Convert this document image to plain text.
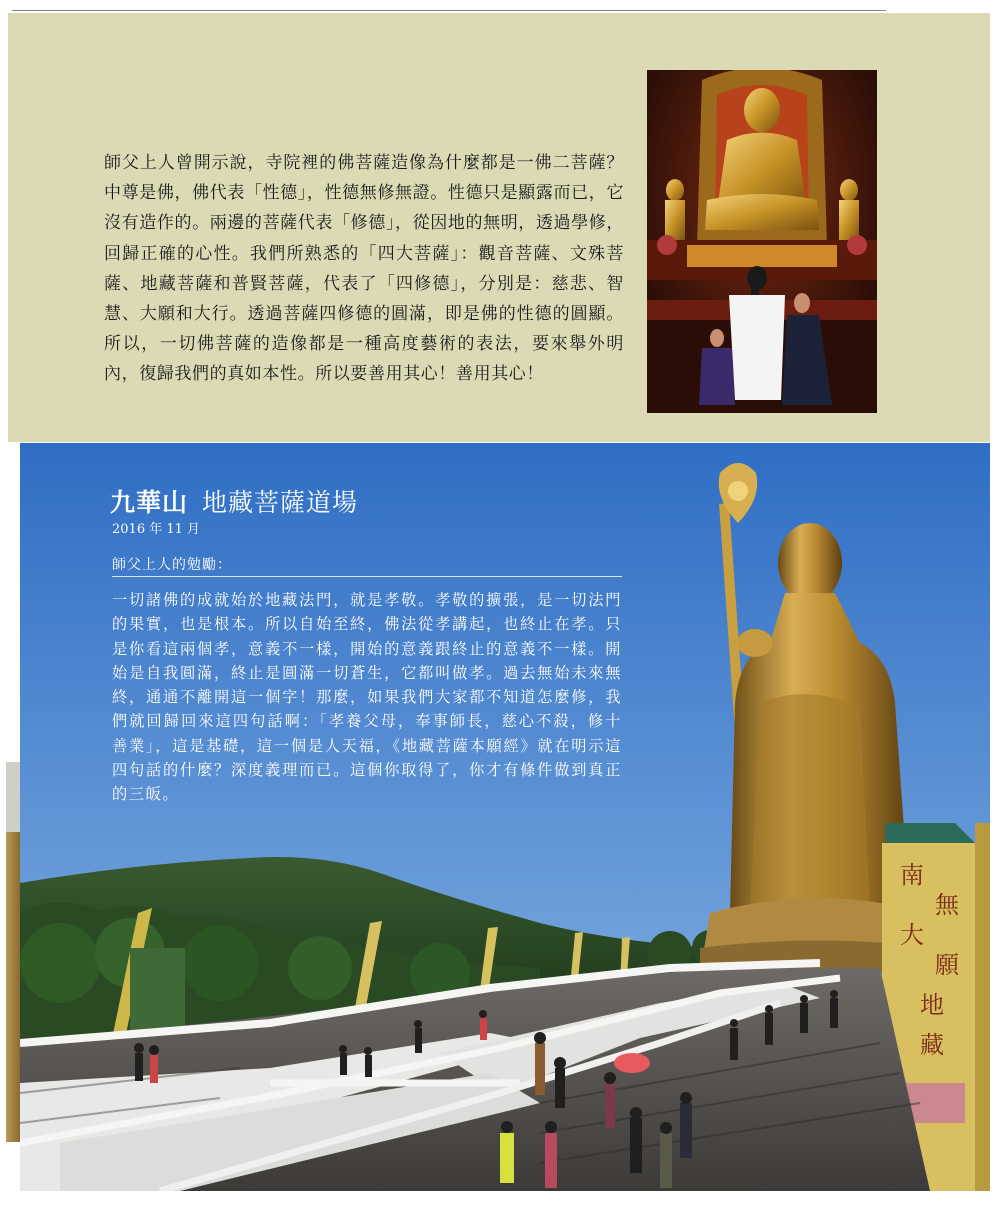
師父上人曾開示說，寺院裡的佛菩薩造像為什麼都是一佛二菩薩？中尊是佛，佛代表「性德」，性德無修無證。性德只是顯露而已，它沒有造作的。兩邊的菩薩代表「修德」，從因地的無明，透過學修，回歸正確的心性。我們所熟悉的「四大菩薩」：觀音菩薩、文殊菩薩、地藏菩薩和普賢菩薩，代表了「四修德」，分別是：慈悲、智慧、大願和大行。透過菩薩四修德的圓滿，即是佛的性德的圓顯。所以，一切佛菩薩的造像都是一種高度藝術的表法，要來舉外明內，復歸我們的真如本性。所以要善用其心！善用其心！

南
無
大
願
地
藏
九華山 地藏菩薩道場
2016 年 11 月
師父上人的勉勵：

一切諸佛的成就始於地藏法門，就是孝敬。孝敬的擴張，是一切法門的果實，也是根本。所以自始至終，佛法從孝講起，也終止在孝。只是你看這兩個孝，意義不一樣，開始的意義跟終止的意義不一樣。開始是自我圓滿，終止是圓滿一切蒼生，它都叫做孝。過去無始未來無終，通通不離開這一個字！那麼，如果我們大家都不知道怎麼修，我們就回歸回來這四句話啊：「孝養父母，奉事師長，慈心不殺，修十善業」，這是基礎，這一個是人天福，《地藏菩薩本願經》就在明示這四句話的什麼？深度義理而已。這個你取得了，你才有條件做到真正的三皈。
